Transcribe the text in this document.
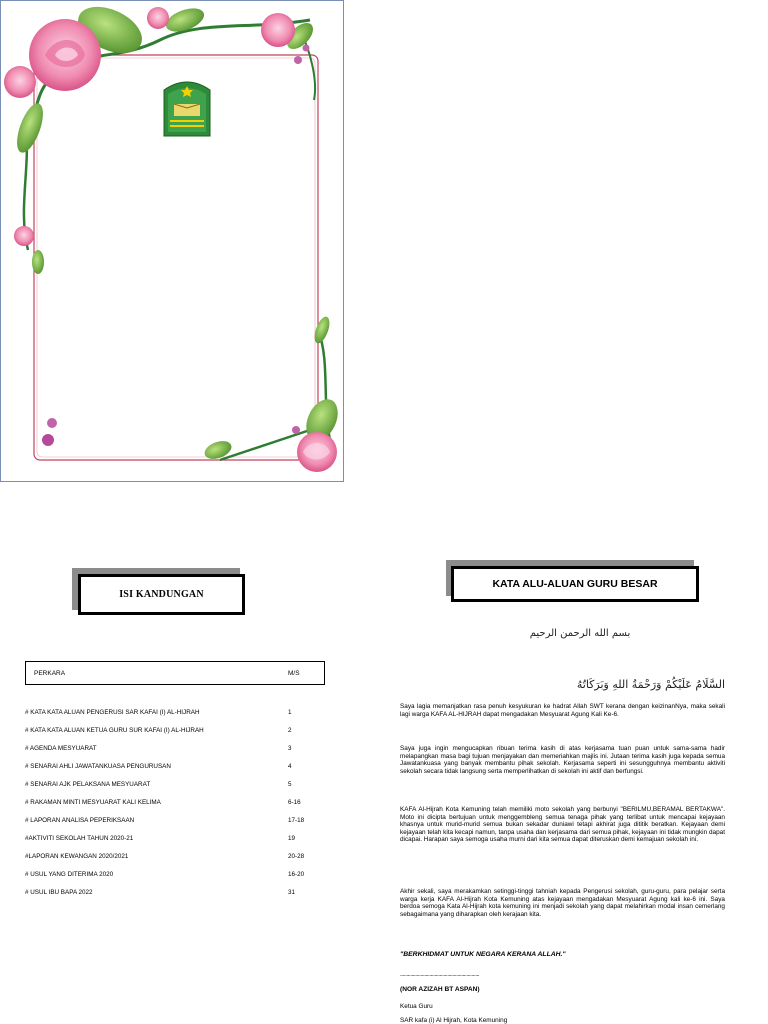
ISI KANDUNGAN
PERKARA	M/S
# KATA KATA ALUAN PENGERUSI SAR KAFAI (I) AL-HIJRAH	1
# KATA KATA ALUAN KETUA GURU SUR KAFAI (I) AL-HIJRAH	2
# AGENDA MESYUARAT	3
# SENARAI AHLI JAWATANKUASA PENGURUSAN	4
# SENARAI AJK PELAKSANA MESYUARAT	5
# RAKAMAN MINTI MESYUARAT KALI KELIMA	6-16
# LAPORAN ANALISA PEPERIKSAAN	17-18
#AKTIVITI SEKOLAH TAHUN 2020-21	19
#LAPORAN KEWANGAN 2020/2021	20-28
# USUL YANG DITERIMA 2020	16-20
# USUL IBU BAPA 2022	31
KATA ALU-ALUAN GURU BESAR
بسم الله الرحمن الرحيم
السَّلَامُ عَلَيْكُمْ وَرَحْمَةُ اللهِ وَبَرَكَاتُهُ
Saya lagia memanjatkan rasa penuh kesyukuran ke hadrat Allah SWT kerana dengan keizinanNya, maka sekali lagi warga KAFA AL-HIJRAH dapat mengadakan Mesyuarat Agung Kali Ke-6.
Saya juga ingin mengucapkan ribuan terima kasih di atas kerjasama tuan puan untuk sama-sama hadir melapangkan masa bagi tujuan menjayakan dan memeriahkan majlis ini. Jutaan terima kasih juga kepada semua Jawatankuasa yang banyak membantu pihak sekolah. Kerjasama seperti ini sesungguhnya membantu aktiviti sekolah secara tidak langsung serta memperlihatkan di sekolah ini aktif dan berfungsi.
KAFA Al-Hijrah Kota Kemuning telah memiliki moto sekolah yang berbunyi "BERILMU,BERAMAL BERTAKWA". Moto ini dicipta bertujuan untuk menggembleng semua tenaga pihak yang terlibat untuk mencapai kejayaan khasnya untuk murid-murid semua bukan sekadar duniawi tetapi akhirat juga dititik beratkan. Kejayaan demi kejayaan telah kita kecapi namun, tanpa usaha dan kerjasama dari semua pihak, kejayaan ini tidak mungkin dapat dicapai. Harapan saya semoga usaha murni dari kita semua dapat diteruskan demi kemajuan sekolah ini.
Akhir sekali, saya merakamkan setinggi-tinggi tahniah kepada Pengerusi sekolah, guru-guru, para pelajar serta warga kerja KAFA Al-Hijrah Kota Kemuning atas kejayaan mengadakan Mesyuarat Agung kali ke-6 ini. Saya berdoa semoga Kata Al-Hijrah kota kemuning ini menjadi sekolah yang dapat melahirkan modal insan cemerlang sebagaimana yang diharapkan oleh kerajaan kita.
"BERKHIDMAT UNTUK NEGARA KERANA ALLAH."
..............................................................
(NOR AZIZAH BT ASPAN)
Ketua Guru
SAR kafa (i) Al Hijrah, Kota Kemuning
